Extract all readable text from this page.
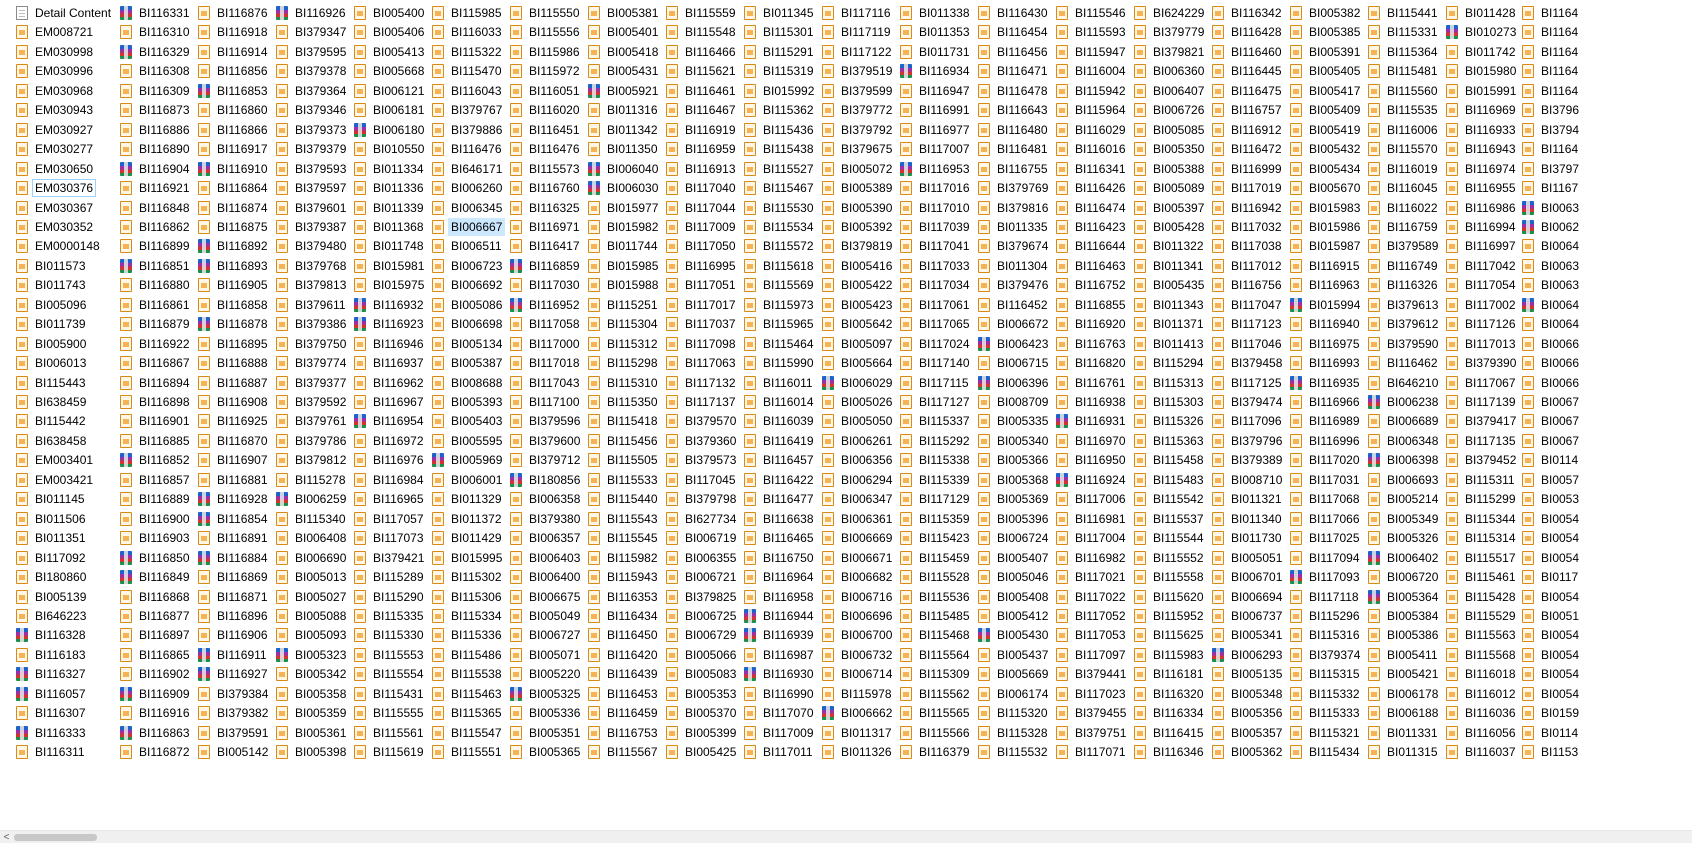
Detail Content
EM008721
EM030998
EM030996
EM030968
EM030943
EM030927
EM030277
EM030650
EM030376
EM030367
EM030352
EM0000148
BI011573
BI011743
BI005096
BI011739
BI005900
BI006013
BI115443
BI638459
BI115442
BI638458
EM003401
EM003421
BI011145
BI011506
BI011351
BI117092
BI180860
BI005139
BI646223
BI116328
BI116183
BI116327
BI116057
BI116307
BI116333
BI116311
BI116331
BI116310
BI116329
BI116308
BI116309
BI116873
BI116886
BI116890
BI116904
BI116921
BI116848
BI116862
BI116899
BI116851
BI116880
BI116861
BI116879
BI116922
BI116867
BI116894
BI116898
BI116901
BI116885
BI116852
BI116857
BI116889
BI116900
BI116903
BI116850
BI116849
BI116868
BI116877
BI116897
BI116865
BI116902
BI116909
BI116916
BI116863
BI116872
BI116876
BI116918
BI116914
BI116856
BI116853
BI116860
BI116866
BI116917
BI116910
BI116864
BI116874
BI116875
BI116892
BI116893
BI116905
BI116858
BI116878
BI116895
BI116888
BI116887
BI116908
BI116925
BI116870
BI116907
BI116881
BI116928
BI116854
BI116891
BI116884
BI116869
BI116871
BI116896
BI116906
BI116911
BI116927
BI379384
BI379382
BI379591
BI005142
BI116926
BI379347
BI379595
BI379378
BI379364
BI379346
BI379373
BI379379
BI379593
BI379597
BI379601
BI379387
BI379480
BI379768
BI379813
BI379611
BI379386
BI379750
BI379774
BI379377
BI379592
BI379761
BI379786
BI379812
BI115278
BI006259
BI115340
BI006408
BI006690
BI005013
BI005027
BI005088
BI005093
BI005323
BI005342
BI005358
BI005359
BI005361
BI005398
BI005400
BI005406
BI005413
BI005668
BI006121
BI006181
BI006180
BI010550
BI011334
BI011336
BI011339
BI011368
BI011748
BI015981
BI015975
BI116932
BI116923
BI116946
BI116937
BI116962
BI116967
BI116954
BI116972
BI116976
BI116984
BI116965
BI117057
BI117073
BI379421
BI115289
BI115290
BI115335
BI115330
BI115553
BI115554
BI115431
BI115555
BI115561
BI115619
BI115985
BI116033
BI115322
BI115470
BI116043
BI379767
BI379886
BI116476
BI646171
BI006260
BI006345
BI006667
BI006511
BI006723
BI006692
BI005086
BI006698
BI005134
BI005387
BI008688
BI005393
BI005403
BI005595
BI005969
BI006001
BI011329
BI011372
BI011429
BI015995
BI115302
BI115306
BI115334
BI115336
BI115486
BI115538
BI115463
BI115365
BI115547
BI115551
BI115550
BI115556
BI115986
BI115972
BI116051
BI116020
BI116451
BI116476
BI115573
BI116760
BI116325
BI116971
BI116417
BI116859
BI117030
BI116952
BI117058
BI117000
BI117018
BI117043
BI117100
BI379596
BI379600
BI379712
BI180856
BI006358
BI379380
BI006357
BI006403
BI006400
BI006675
BI005049
BI006727
BI005071
BI005220
BI005325
BI005336
BI005351
BI005365
BI005381
BI005401
BI005418
BI005431
BI005921
BI011316
BI011342
BI011350
BI006040
BI006030
BI015977
BI015982
BI011744
BI015985
BI015988
BI115251
BI115304
BI115312
BI115298
BI115310
BI115350
BI115418
BI115456
BI115505
BI115533
BI115440
BI115543
BI115545
BI115982
BI115943
BI116353
BI116434
BI116450
BI116420
BI116439
BI116453
BI116459
BI116753
BI115567
BI115559
BI115548
BI116466
BI115621
BI116461
BI116467
BI116919
BI116959
BI116913
BI117040
BI117044
BI117009
BI117050
BI116995
BI117051
BI117017
BI117037
BI117098
BI117063
BI117132
BI117137
BI379570
BI379360
BI379573
BI117045
BI379798
BI627734
BI006719
BI006355
BI006721
BI379825
BI006725
BI006729
BI005066
BI005083
BI005353
BI005370
BI005399
BI005425
BI011345
BI115301
BI115291
BI115319
BI015992
BI115362
BI115436
BI115438
BI115527
BI115467
BI115530
BI115534
BI115572
BI115618
BI115569
BI115973
BI115965
BI115464
BI115990
BI116011
BI116014
BI116039
BI116419
BI116457
BI116422
BI116477
BI116638
BI116465
BI116750
BI116964
BI116958
BI116944
BI116939
BI116987
BI116930
BI116990
BI117070
BI117009
BI117011
BI117116
BI117119
BI117122
BI379519
BI379599
BI379772
BI379792
BI379675
BI005072
BI005389
BI005390
BI005392
BI379819
BI005416
BI005422
BI005423
BI005642
BI005097
BI005664
BI006029
BI005026
BI005050
BI006261
BI006356
BI006294
BI006347
BI006361
BI006669
BI006671
BI006682
BI006716
BI006696
BI006700
BI006732
BI006714
BI115978
BI006662
BI011317
BI011326
BI011338
BI011353
BI011731
BI116934
BI116947
BI116991
BI116977
BI117007
BI116953
BI117016
BI117010
BI117039
BI117041
BI117033
BI117034
BI117061
BI117065
BI117024
BI117140
BI117115
BI117127
BI115337
BI115292
BI115338
BI115339
BI117129
BI115359
BI115423
BI115459
BI115528
BI115536
BI115485
BI115468
BI115564
BI115309
BI115562
BI115565
BI115566
BI116379
BI116430
BI116454
BI116456
BI116471
BI116478
BI116643
BI116480
BI116481
BI116755
BI379769
BI379816
BI011335
BI379674
BI011304
BI379476
BI116452
BI006672
BI006423
BI006715
BI006396
BI008709
BI005335
BI005340
BI005366
BI005368
BI005369
BI005396
BI006724
BI005407
BI005046
BI005408
BI005412
BI005430
BI005437
BI005669
BI006174
BI115320
BI115328
BI115532
BI115546
BI115593
BI115947
BI116004
BI115942
BI115964
BI116029
BI116016
BI116341
BI116426
BI116474
BI116423
BI116644
BI116463
BI116752
BI116855
BI116920
BI116763
BI116820
BI116761
BI116938
BI116931
BI116970
BI116950
BI116924
BI117006
BI116981
BI117004
BI116982
BI117021
BI117022
BI117052
BI117053
BI117097
BI379441
BI117023
BI379455
BI379751
BI117071
BI624229
BI379779
BI379821
BI006360
BI006407
BI006726
BI005085
BI005350
BI005388
BI005089
BI005397
BI005428
BI011322
BI011341
BI005435
BI011343
BI011371
BI011413
BI115294
BI115313
BI115303
BI115326
BI115363
BI115458
BI115483
BI115542
BI115537
BI115544
BI115552
BI115558
BI115620
BI115952
BI115625
BI115983
BI116181
BI116320
BI116334
BI116415
BI116346
BI116342
BI116428
BI116460
BI116445
BI116475
BI116757
BI116912
BI116472
BI116999
BI117019
BI116942
BI117032
BI117038
BI117012
BI116756
BI117047
BI117123
BI117046
BI379458
BI117125
BI379474
BI117096
BI379796
BI379389
BI008710
BI011321
BI011340
BI011730
BI005051
BI006701
BI006694
BI006737
BI005341
BI006293
BI005135
BI005348
BI005356
BI005357
BI005362
BI005382
BI005385
BI005391
BI005405
BI005417
BI005409
BI005419
BI005432
BI005434
BI005670
BI015983
BI015986
BI015987
BI116915
BI116963
BI015994
BI116940
BI116975
BI116993
BI116935
BI116966
BI116989
BI116996
BI117020
BI117031
BI117068
BI117066
BI117025
BI117094
BI117093
BI117118
BI115296
BI115316
BI379374
BI115315
BI115332
BI115333
BI115321
BI115434
BI115441
BI115331
BI115364
BI115481
BI115560
BI115535
BI116006
BI115570
BI116019
BI116045
BI116022
BI116759
BI379589
BI116749
BI116326
BI379613
BI379612
BI379590
BI116462
BI646210
BI006238
BI006689
BI006348
BI006398
BI006693
BI005214
BI005349
BI005326
BI006402
BI006720
BI005364
BI005384
BI005386
BI005411
BI005421
BI006178
BI006188
BI011331
BI011315
BI011428
BI010273
BI011742
BI015980
BI015991
BI116969
BI116933
BI116943
BI116974
BI116955
BI116986
BI116994
BI116997
BI117042
BI117054
BI117002
BI117126
BI117013
BI379390
BI117067
BI117139
BI379417
BI117135
BI379452
BI115311
BI115299
BI115344
BI115314
BI115517
BI115461
BI115428
BI115529
BI115563
BI115568
BI116018
BI116012
BI116036
BI116056
BI116037
BI1164
BI1164
BI1164
BI1164
BI1164
BI3796
BI3794
BI1164
BI3797
BI1167
BI0063
BI0062
BI0064
BI0063
BI0063
BI0064
BI0064
BI0066
BI0066
BI0066
BI0067
BI0067
BI0067
BI0114
BI0057
BI0053
BI0054
BI0054
BI0054
BI0117
BI0054
BI0051
BI0054
BI0054
BI0054
BI0054
BI0159
BI0114
BI1153
<
